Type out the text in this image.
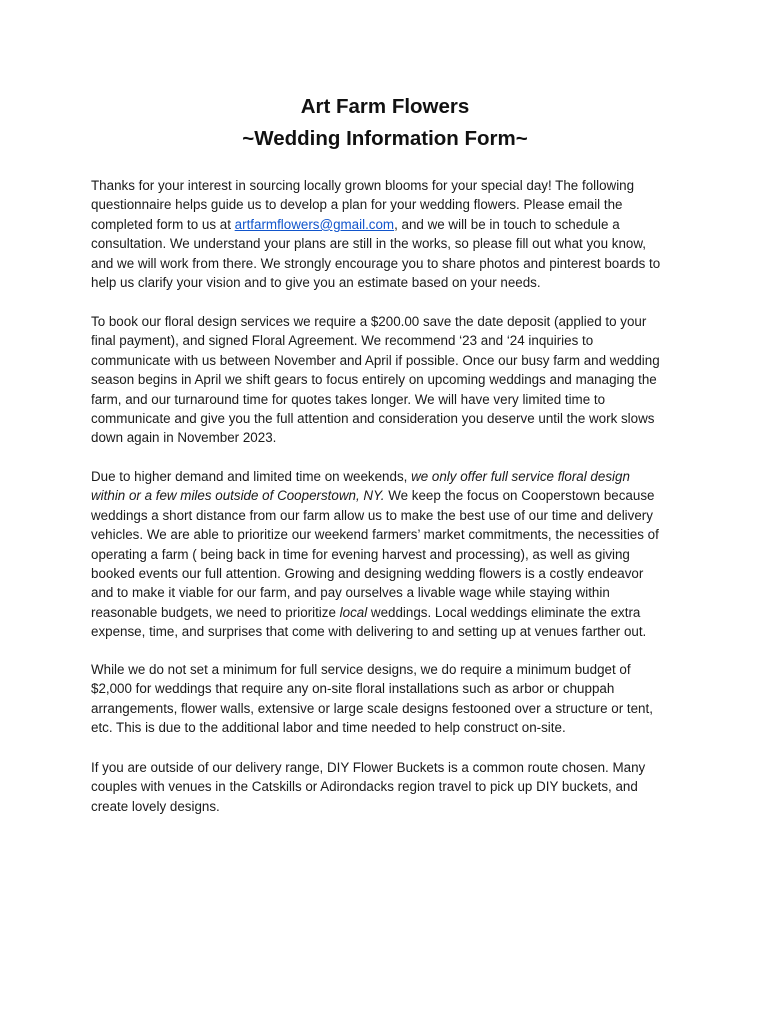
Art Farm Flowers
~Wedding Information Form~

Thanks for your interest in sourcing locally grown blooms for your special day! The following
questionnaire helps guide us to develop a plan for your wedding flowers. Please email the
completed form to us at artfarmflowers@gmail.com, and we will be in touch to schedule a
consultation. We understand your plans are still in the works, so please fill out what you know,
and we will work from there. We strongly encourage you to share photos and pinterest boards to
help us clarify your vision and to give you an estimate based on your needs.

To book our floral design services we require a $200.00 save the date deposit (applied to your
final payment), and signed Floral Agreement. We recommend ‘23 and ‘24 inquiries to
communicate with us between November and April if possible. Once our busy farm and wedding
season begins in April we shift gears to focus entirely on upcoming weddings and managing the
farm, and our turnaround time for quotes takes longer. We will have very limited time to
communicate and give you the full attention and consideration you deserve until the work slows
down again in November 2023.

Due to higher demand and limited time on weekends, we only offer full service floral design
within or a few miles outside of Cooperstown, NY. We keep the focus on Cooperstown because
weddings a short distance from our farm allow us to make the best use of our time and delivery
vehicles. We are able to prioritize our weekend farmers’ market commitments, the necessities of
operating a farm ( being back in time for evening harvest and processing), as well as giving
booked events our full attention. Growing and designing wedding flowers is a costly endeavor
and to make it viable for our farm, and pay ourselves a livable wage while staying within
reasonable budgets, we need to prioritize local weddings. Local weddings eliminate the extra
expense, time, and surprises that come with delivering to and setting up at venues farther out.

While we do not set a minimum for full service designs, we do require a minimum budget of
$2,000 for weddings that require any on-site floral installations such as arbor or chuppah
arrangements, flower walls, extensive or large scale designs festooned over a structure or tent,
etc. This is due to the additional labor and time needed to help construct on-site.

If you are outside of our delivery range, DIY Flower Buckets is a common route chosen. Many
couples with venues in the Catskills or Adirondacks region travel to pick up DIY buckets, and
create lovely designs.
